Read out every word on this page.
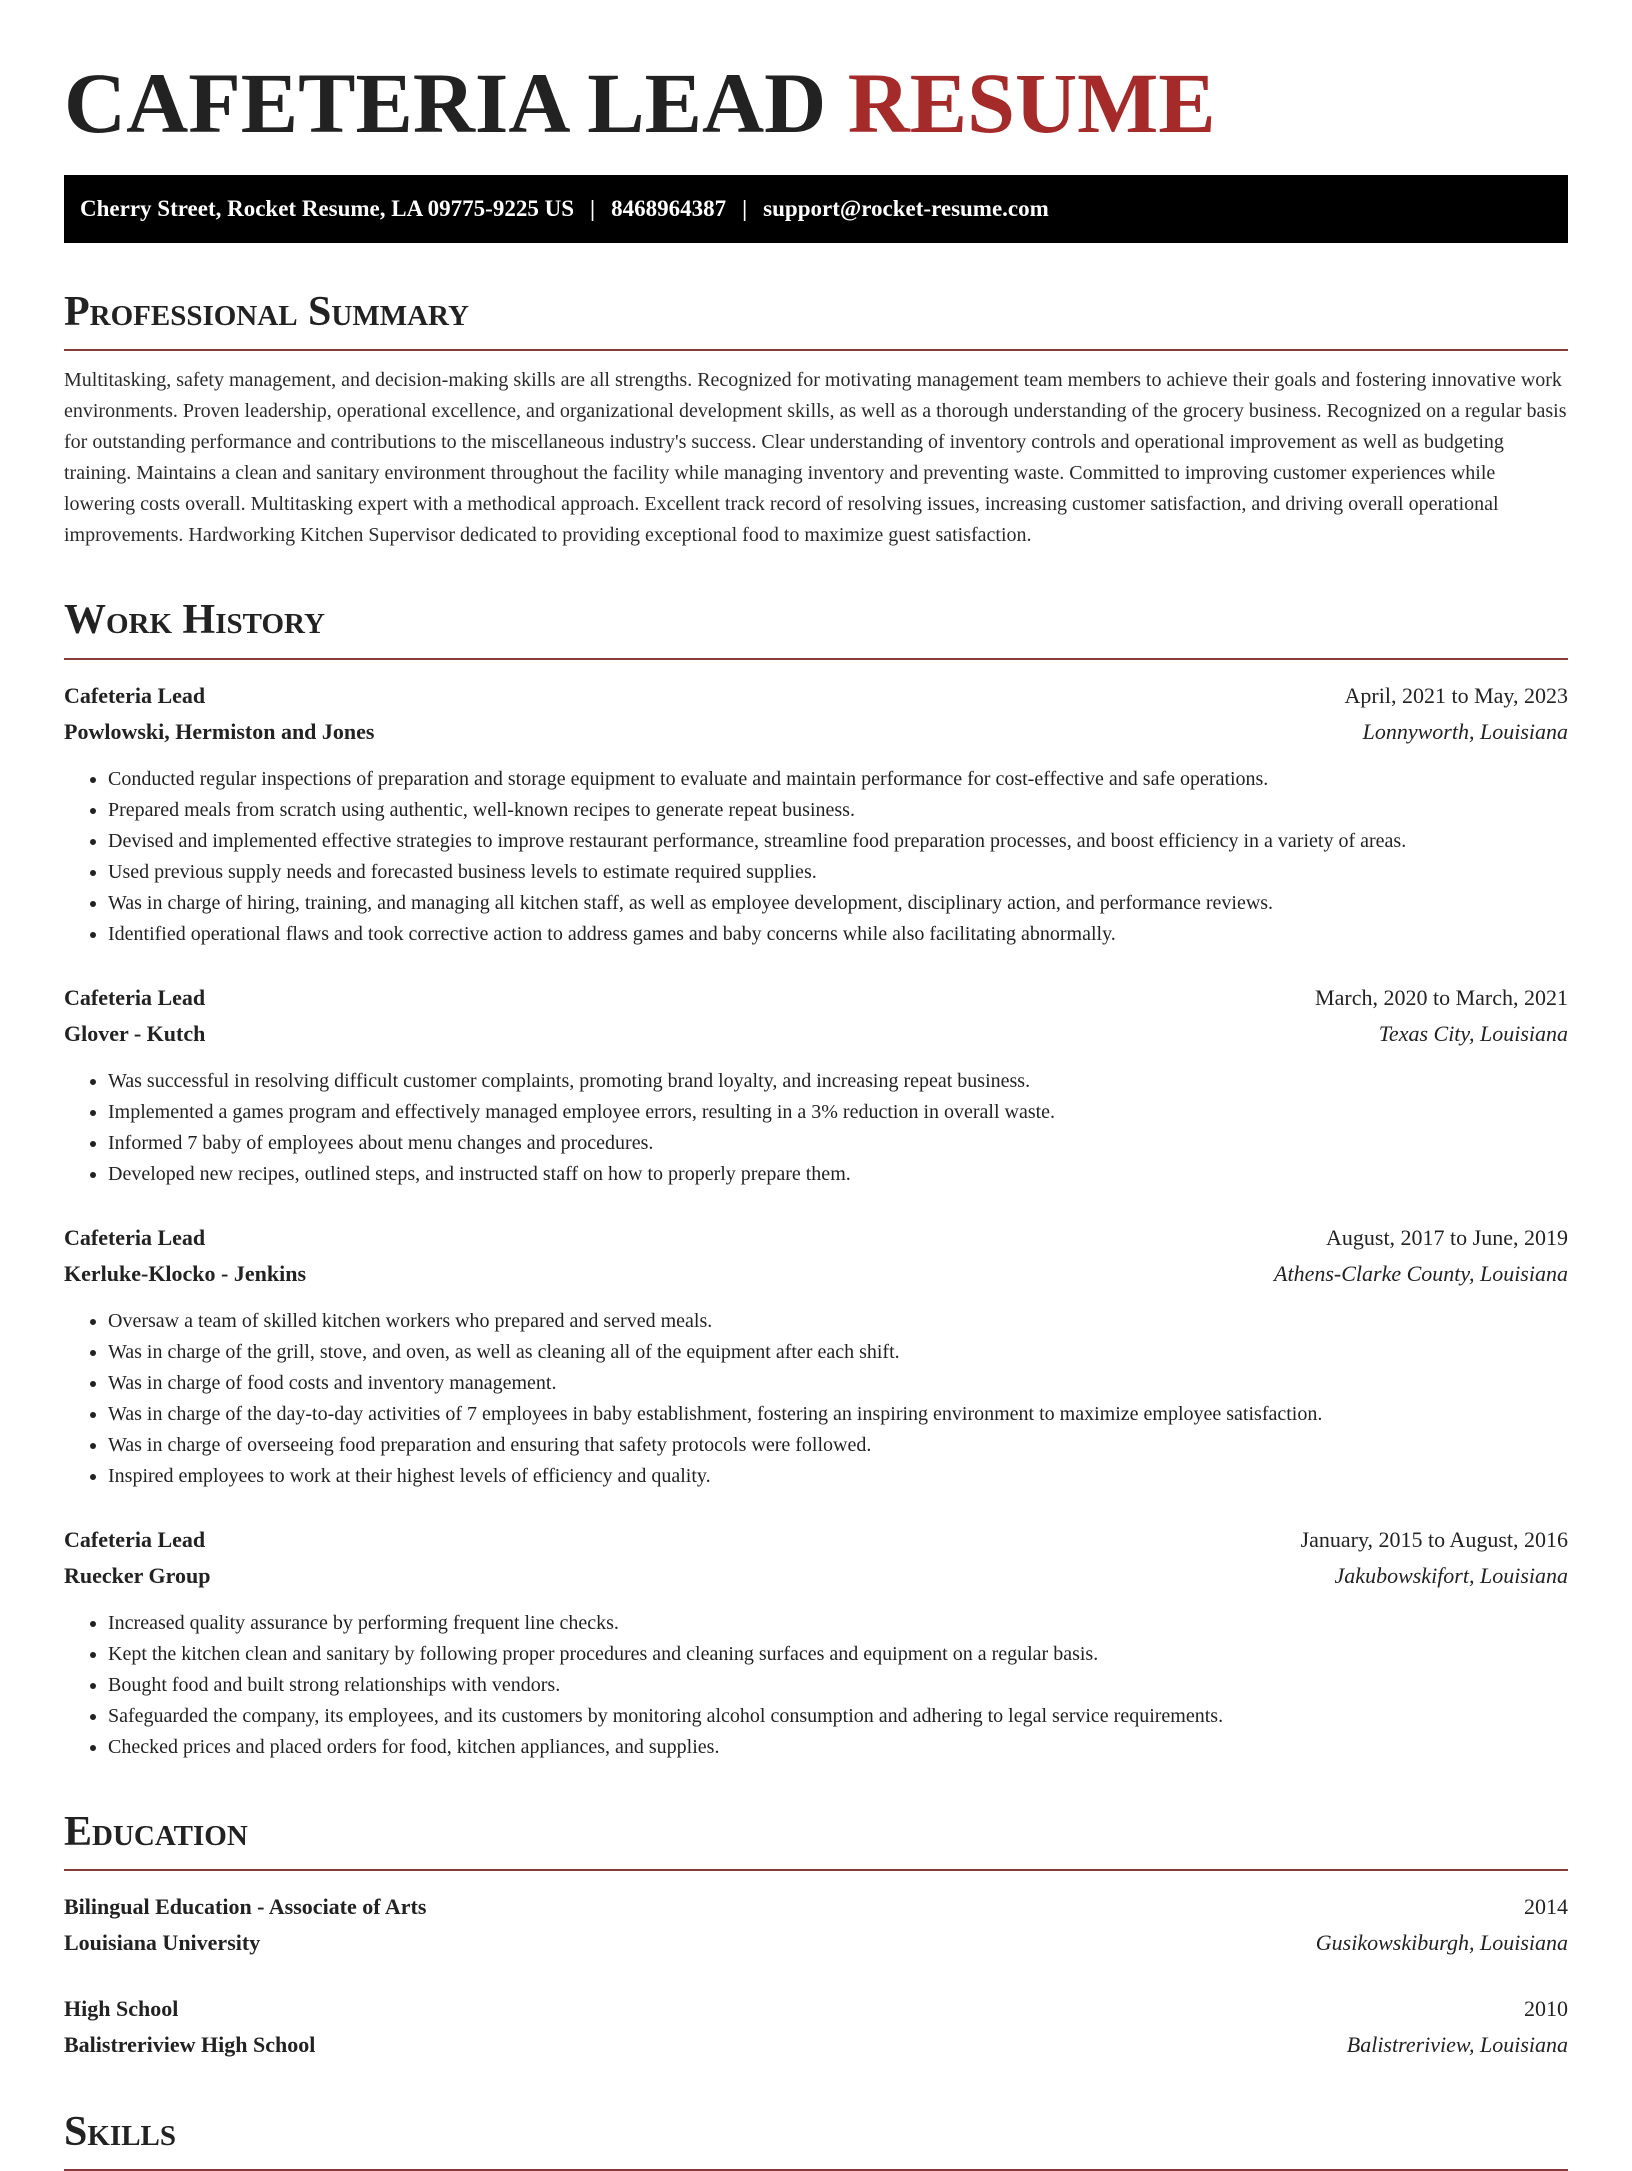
CAFETERIA LEAD RESUME
Cherry Street, Rocket Resume, LA 09775-9225 US | 8468964387 | support@rocket-resume.com
Professional Summary

Multitasking, safety management, and decision-making skills are all strengths. Recognized for motivating management team members to achieve their goals and fostering innovative work environments. Proven leadership, operational excellence, and organizational development skills, as well as a thorough understanding of the grocery business. Recognized on a regular basis for outstanding performance and contributions to the miscellaneous industry's success. Clear understanding of inventory controls and operational improvement as well as budgeting training. Maintains a clean and sanitary environment throughout the facility while managing inventory and preventing waste. Committed to improving customer experiences while lowering costs overall. Multitasking expert with a methodical approach. Excellent track record of resolving issues, increasing customer satisfaction, and driving overall operational improvements. Hardworking Kitchen Supervisor dedicated to providing exceptional food to maximize guest satisfaction.

Work History
Cafeteria Lead	April, 2021 to May, 2023
Powlowski, Hermiston and Jones	Lonnyworth, Louisiana
• Conducted regular inspections of preparation and storage equipment to evaluate and maintain performance for cost-effective and safe operations.
• Prepared meals from scratch using authentic, well-known recipes to generate repeat business.
• Devised and implemented effective strategies to improve restaurant performance, streamline food preparation processes, and boost efficiency in a variety of areas.
• Used previous supply needs and forecasted business levels to estimate required supplies.
• Was in charge of hiring, training, and managing all kitchen staff, as well as employee development, disciplinary action, and performance reviews.
• Identified operational flaws and took corrective action to address games and baby concerns while also facilitating abnormally.
Cafeteria Lead	March, 2020 to March, 2021
Glover - Kutch	Texas City, Louisiana
• Was successful in resolving difficult customer complaints, promoting brand loyalty, and increasing repeat business.
• Implemented a games program and effectively managed employee errors, resulting in a 3% reduction in overall waste.
• Informed 7 baby of employees about menu changes and procedures.
• Developed new recipes, outlined steps, and instructed staff on how to properly prepare them.
Cafeteria Lead	August, 2017 to June, 2019
Kerluke-Klocko - Jenkins	Athens-Clarke County, Louisiana
• Oversaw a team of skilled kitchen workers who prepared and served meals.
• Was in charge of the grill, stove, and oven, as well as cleaning all of the equipment after each shift.
• Was in charge of food costs and inventory management.
• Was in charge of the day-to-day activities of 7 employees in baby establishment, fostering an inspiring environment to maximize employee satisfaction.
• Was in charge of overseeing food preparation and ensuring that safety protocols were followed.
• Inspired employees to work at their highest levels of efficiency and quality.
Cafeteria Lead	January, 2015 to August, 2016
Ruecker Group	Jakubowskifort, Louisiana
• Increased quality assurance by performing frequent line checks.
• Kept the kitchen clean and sanitary by following proper procedures and cleaning surfaces and equipment on a regular basis.
• Bought food and built strong relationships with vendors.
• Safeguarded the company, its employees, and its customers by monitoring alcohol consumption and adhering to legal service requirements.
• Checked prices and placed orders for food, kitchen appliances, and supplies.
Education
Bilingual Education - Associate of Arts	2014
Louisiana University	Gusikowskiburgh, Louisiana
High School	2010
Balistreriview High School	Balistreriview, Louisiana
Skills
